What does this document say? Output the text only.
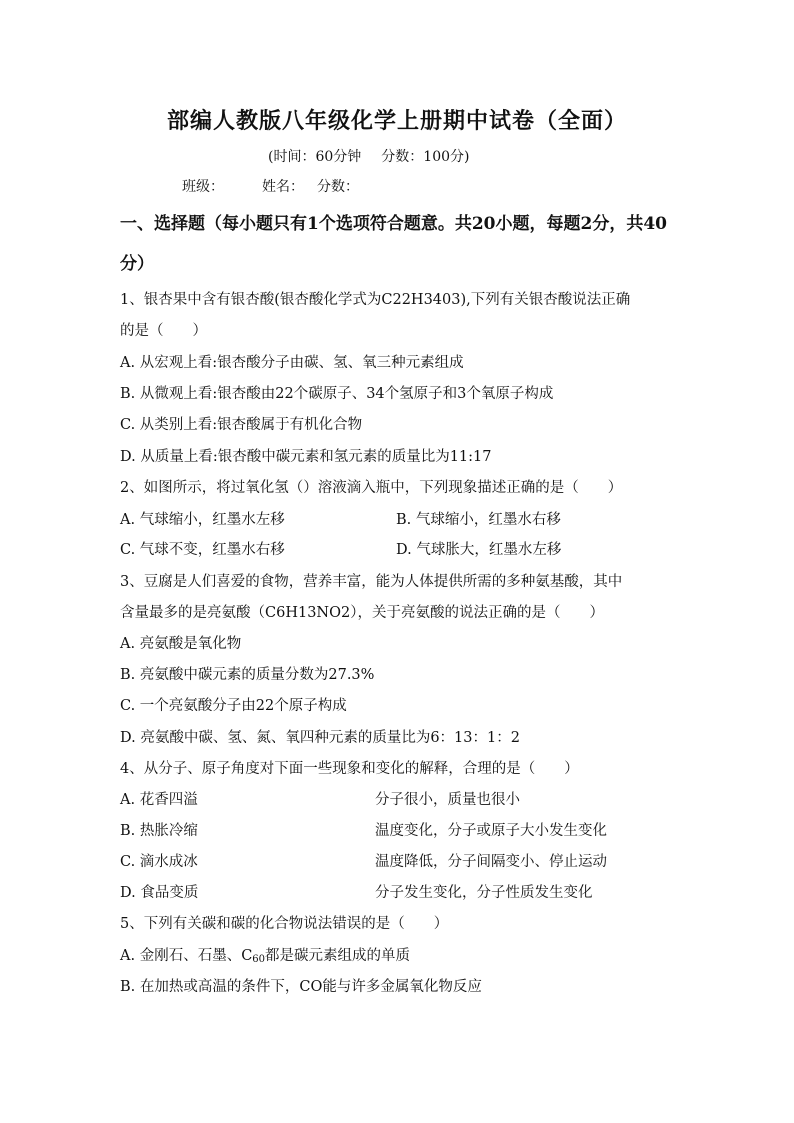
部编人教版八年级化学上册期中试卷（全面）
(时间：60分钟 分数：100分)
班级：	姓名： 分数：
一、选择题（每小题只有1个选项符合题意。共20小题，每题2分，共40分）
1、银杏果中含有银杏酸(银杏酸化学式为C22H3403),下列有关银杏酸说法正确
的是（　　）
A. 从宏观上看:银杏酸分子由碳、氢、氧三种元素组成
B. 从微观上看:银杏酸由22个碳原子、34个氢原子和3个氧原子构成
C. 从类别上看:银杏酸属于有机化合物
D. 从质量上看:银杏酸中碳元素和氢元素的质量比为11:17
2、如图所示，将过氧化氢（）溶液滴入瓶中，下列现象描述正确的是（　　）
A. 气球缩小，红墨水左移	B. 气球缩小，红墨水右移
C. 气球不变，红墨水右移	D. 气球胀大，红墨水左移
3、豆腐是人们喜爱的食物，营养丰富，能为人体提供所需的多种氨基酸，其中
含量最多的是亮氨酸（C6H13NO2），关于亮氨酸的说法正确的是（　　）
A. 亮氨酸是氧化物
B. 亮氨酸中碳元素的质量分数为27.3%
C. 一个亮氨酸分子由22个原子构成
D. 亮氨酸中碳、氢、氮、氧四种元素的质量比为6：13：1：2
4、从分子、原子角度对下面一些现象和变化的解释，合理的是（　　）
A. 花香四溢	分子很小，质量也很小
B. 热胀冷缩	温度变化，分子或原子大小发生变化
C. 滴水成冰	温度降低，分子间隔变小、停止运动
D. 食品变质	分子发生变化，分子性质发生变化
5、下列有关碳和碳的化合物说法错误的是（　　）
A. 金刚石、石墨、$C_{60}$都是碳元素组成的单质
B. 在加热或高温的条件下，CO能与许多金属氧化物反应
